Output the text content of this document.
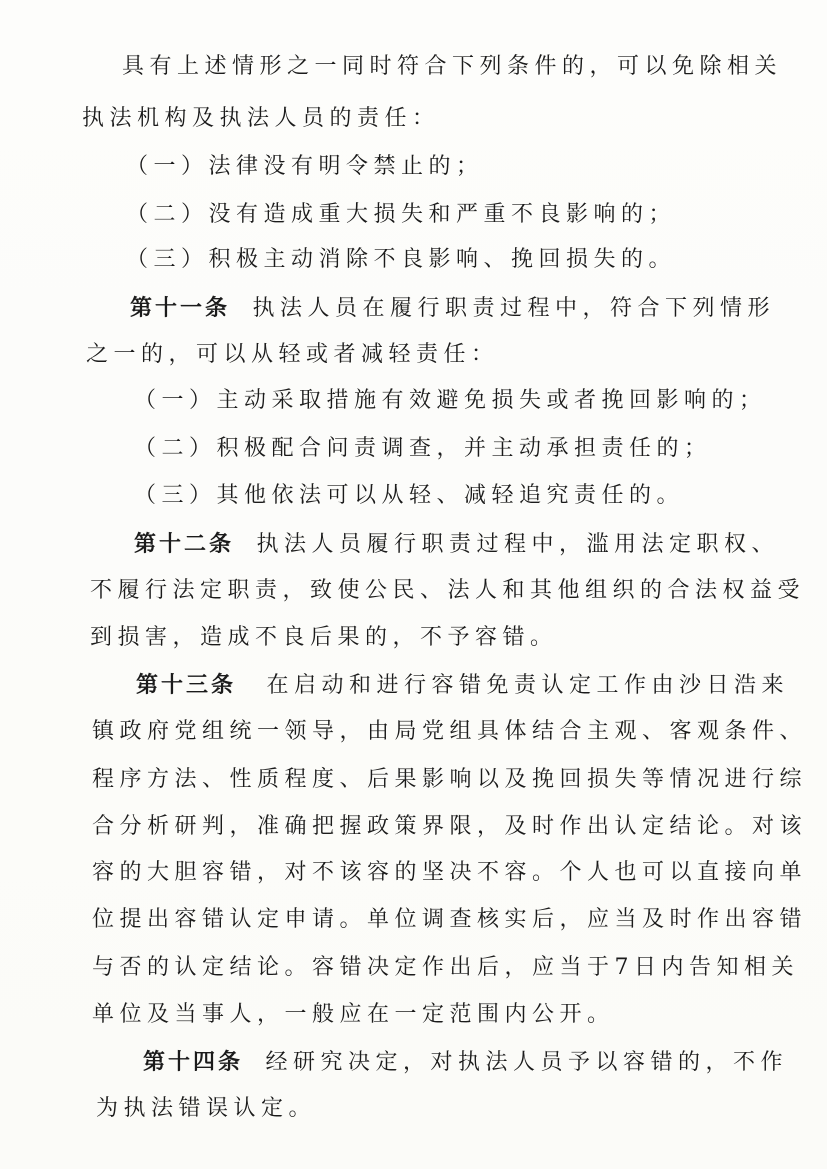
具有上述情形之一同时符合下列条件的，可以免除相关
执法机构及执法人员的责任：
（一）法律没有明令禁止的；
（二）没有造成重大损失和严重不良影响的；
（三）积极主动消除不良影响、挽回损失的。
第十一条 执法人员在履行职责过程中，符合下列情形
之一的，可以从轻或者减轻责任：
（一）主动采取措施有效避免损失或者挽回影响的；
（二）积极配合问责调查，并主动承担责任的；
（三）其他依法可以从轻、减轻追究责任的。
第十二条 执法人员履行职责过程中，滥用法定职权、
不履行法定职责，致使公民、法人和其他组织的合法权益受
到损害，造成不良后果的，不予容错。
第十三条 在启动和进行容错免责认定工作由沙日浩来
镇政府党组统一领导，由局党组具体结合主观、客观条件、
程序方法、性质程度、后果影响以及挽回损失等情况进行综
合分析研判，准确把握政策界限，及时作出认定结论。对该
容的大胆容错，对不该容的坚决不容。个人也可以直接向单
位提出容错认定申请。单位调查核实后，应当及时作出容错
与否的认定结论。容错决定作出后，应当于7日内告知相关
单位及当事人，一般应在一定范围内公开。
第十四条 经研究决定，对执法人员予以容错的，不作
为执法错误认定。
